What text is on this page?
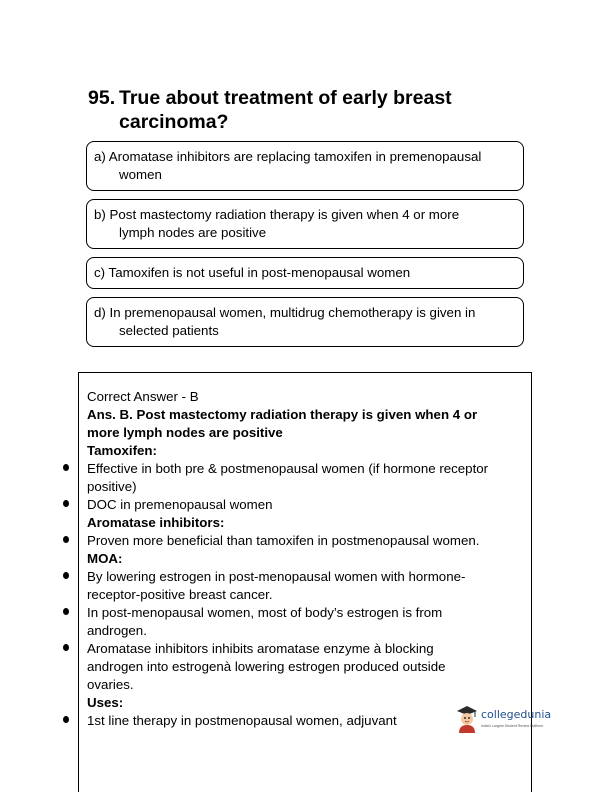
95. True about treatment of early breast carcinoma?
a) Aromatase inhibitors are replacing tamoxifen in premenopausal
women
b) Post mastectomy radiation therapy is given when 4 or more
lymph nodes are positive
c) Tamoxifen is not useful in post-menopausal women
d) In premenopausal women, multidrug chemotherapy is given in
selected patients
Correct Answer - B
Ans. B. Post mastectomy radiation therapy is given when 4 or
more lymph nodes are positive
Tamoxifen:
Effective in both pre & postmenopausal women (if hormone receptor
positive)
DOC in premenopausal women
Aromatase inhibitors:
Proven more beneficial than tamoxifen in postmenopausal women.
MOA:
By lowering estrogen in post-menopausal women with hormone-
receptor-positive breast cancer.
In post-menopausal women, most of body’s estrogen is from
androgen.
Aromatase inhibitors inhibits aromatase enzyme à blocking
androgen into estrogenà lowering estrogen produced outside
ovaries.
Uses:
1st line therapy in postmenopausal women, adjuvant	collegedunia
India's Largest Student Review Platform
